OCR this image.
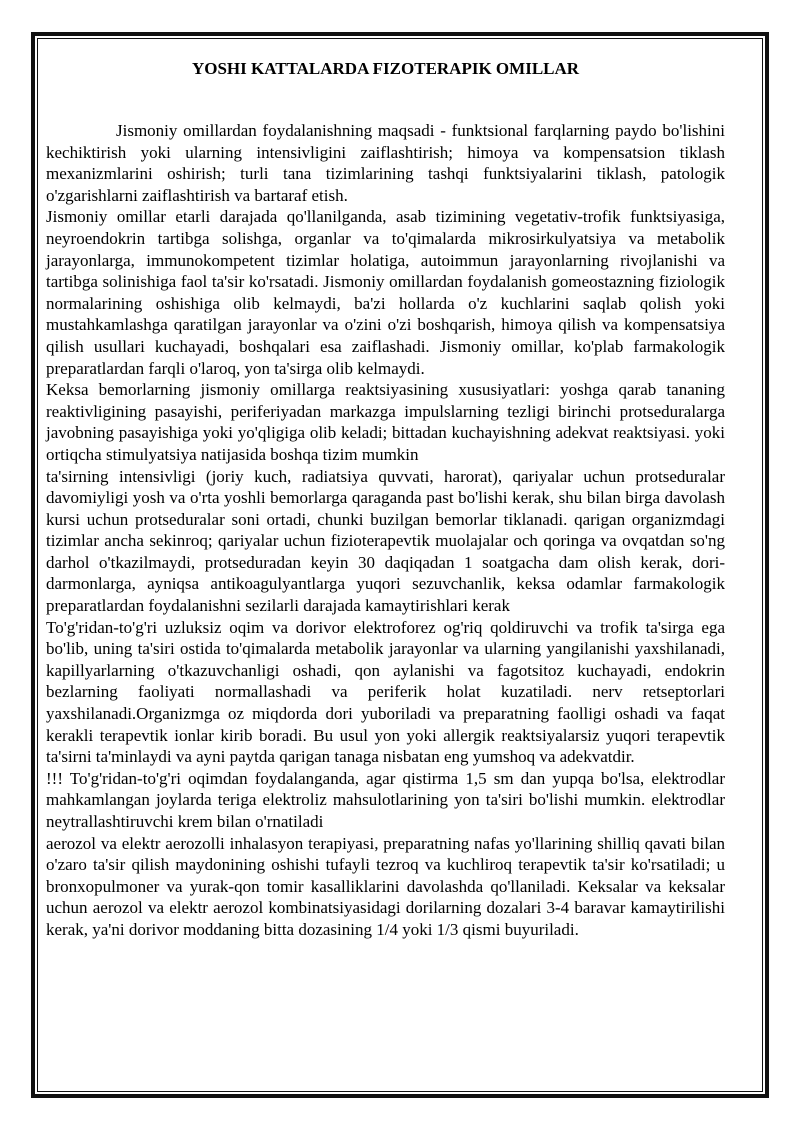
YOSHI KATTALARDA FIZOTERAPIK OMILLAR

Jismoniy omillardan foydalanishning maqsadi - funktsional farqlarning paydo bo'lishini kechiktirish yoki ularning intensivligini zaiflashtirish; himoya va kompensatsion tiklash mexanizmlarini oshirish; turli tana tizimlarining tashqi funktsiyalarini tiklash, patologik o'zgarishlarni zaiflashtirish va bartaraf etish.

Jismoniy omillar etarli darajada qo'llanilganda, asab tizimining vegetativ-trofik funktsiyasiga, neyroendokrin tartibga solishga, organlar va to'qimalarda mikrosirkulyatsiya va metabolik jarayonlarga, immunokompetent tizimlar holatiga, autoimmun jarayonlarning rivojlanishi va tartibga solinishiga faol ta'sir ko'rsatadi. Jismoniy omillardan foydalanish gomeostazning fiziologik normalarining oshishiga olib kelmaydi, ba'zi hollarda o'z kuchlarini saqlab qolish yoki mustahkamlashga qaratilgan jarayonlar va o'zini o'zi boshqarish, himoya qilish va kompensatsiya qilish usullari kuchayadi, boshqalari esa zaiflashadi. Jismoniy omillar, ko'plab farmakologik preparatlardan farqli o'laroq, yon ta'sirga olib kelmaydi.

Keksa bemorlarning jismoniy omillarga reaktsiyasining xususiyatlari: yoshga qarab tananing reaktivligining pasayishi, periferiyadan markazga impulslarning tezligi birinchi protseduralarga javobning pasayishiga yoki yo'qligiga olib keladi; bittadan kuchayishning adekvat reaktsiyasi. yoki ortiqcha stimulyatsiya natijasida boshqa tizim mumkin

ta'sirning intensivligi (joriy kuch, radiatsiya quvvati, harorat), qariyalar uchun protseduralar davomiyligi yosh va o'rta yoshli bemorlarga qaraganda past bo'lishi kerak, shu bilan birga davolash kursi uchun protseduralar soni ortadi, chunki buzilgan bemorlar tiklanadi. qarigan organizmdagi tizimlar ancha sekinroq; qariyalar uchun fizioterapevtik muolajalar och qoringa va ovqatdan so'ng darhol o'tkazilmaydi, protseduradan keyin 30 daqiqadan 1 soatgacha dam olish kerak, dori-darmonlarga, ayniqsa antikoagulyantlarga yuqori sezuvchanlik, keksa odamlar farmakologik preparatlardan foydalanishni sezilarli darajada kamaytirishlari kerak

To'g'ridan-to'g'ri uzluksiz oqim va dorivor elektroforez og'riq qoldiruvchi va trofik ta'sirga ega bo'lib, uning ta'siri ostida to'qimalarda metabolik jarayonlar va ularning yangilanishi yaxshilanadi, kapillyarlarning o'tkazuvchanligi oshadi, qon aylanishi va fagotsitoz kuchayadi, endokrin bezlarning faoliyati normallashadi va periferik holat kuzatiladi. nerv retseptorlari yaxshilanadi.Organizmga oz miqdorda dori yuboriladi va preparatning faolligi oshadi va faqat kerakli terapevtik ionlar kirib boradi. Bu usul yon yoki allergik reaktsiyalarsiz yuqori terapevtik ta'sirni ta'minlaydi va ayni paytda qarigan tanaga nisbatan eng yumshoq va adekvatdir.

!!! To'g'ridan-to'g'ri oqimdan foydalanganda, agar qistirma 1,5 sm dan yupqa bo'lsa, elektrodlar mahkamlangan joylarda teriga elektroliz mahsulotlarining yon ta'siri bo'lishi mumkin. elektrodlar neytrallashtiruvchi krem bilan o'rnatiladi

aerozol va elektr aerozolli inhalasyon terapiyasi, preparatning nafas yo'llarining shilliq qavati bilan o'zaro ta'sir qilish maydonining oshishi tufayli tezroq va kuchliroq terapevtik ta'sir ko'rsatiladi; u bronxopulmoner va yurak-qon tomir kasalliklarini davolashda qo'llaniladi. Keksalar va keksalar uchun aerozol va elektr aerozol kombinatsiyasidagi dorilarning dozalari 3-4 baravar kamaytirilishi kerak, ya'ni dorivor moddaning bitta dozasining 1/4 yoki 1/3 qismi buyuriladi.
